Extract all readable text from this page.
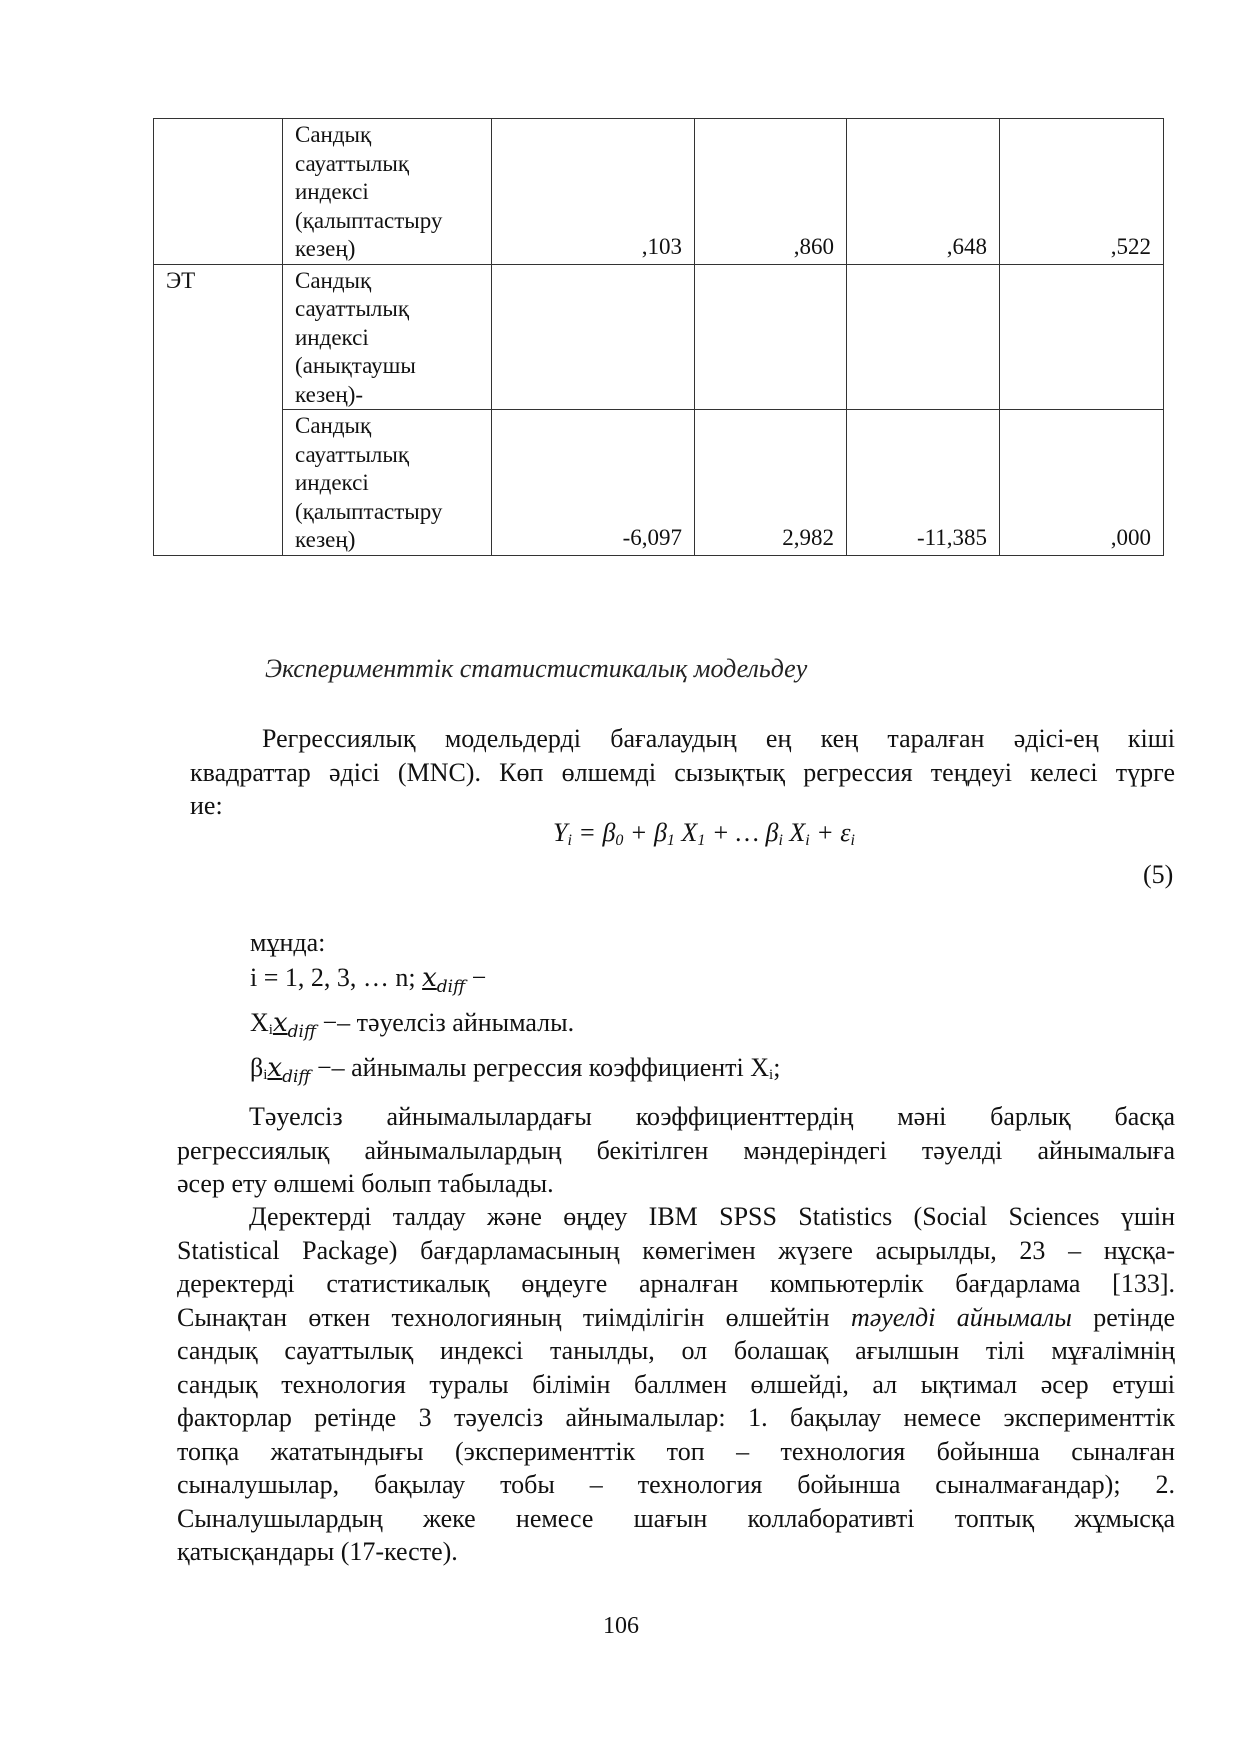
	Сандық
сауаттылық
индексі
(қалыптастыру
кезең)	,103	,860	,648	,522
ЭТ	Сандық
сауаттылық
индексі
(анықтаушы
кезең)-				

	Сандық
сауаттылық
индексі
(қалыптастыру
кезең)	-6,097	2,982	-11,385	,000
Эксперименттік статистистикалық модельдеу
Регрессиялық модельдерді бағалаудың ең кең таралған әдісі-ең кіші
квадраттар әдісі (MNC). Көп өлшемді сызықтық регрессия теңдеуі келесі түрге
ие:
$Y_i = \beta_0 + \beta_1$ $X_1$ + … $\beta_i$ $X_i + \varepsilon_i$
(5)
мұнда:
i = 1, 2, 3, … n; $x_{diff}$ −
$X_ix_{diff}$ −– тәуелсіз айнымалы.
$\beta_ix_{diff}$ −– айнымалы регрессия коэффициенті $X_i$;
Тәуелсіз айнымалылардағы коэффициенттердің мәні барлық басқа
регрессиялық айнымалылардың бекітілген мәндеріндегі тәуелді айнымалыға
әсер ету өлшемі болып табылады.
Деректерді талдау және өңдеу IBM SPSS Statistics (Social Sciences үшін
Statistical Package) бағдарламасының көмегімен жүзеге асырылды, 23 – нұсқа-
деректерді статистикалық өңдеуге арналған компьютерлік бағдарлама [133].
Сынақтан өткен технологияның тиімділігін өлшейтін тәуелді айнымалы ретінде
сандық сауаттылық индексі танылды, ол болашақ ағылшын тілі мұғалімнің
сандық технология туралы білімін баллмен өлшейді, ал ықтимал әсер етуші
факторлар ретінде 3 тәуелсіз айнымалылар: 1. бақылау немесе эксперименттік
топқа жататындығы (эксперименттік топ – технология бойынша сыналған
сыналушылар, бақылау тобы – технология бойынша сыналмағандар); 2.
Сыналушылардың жеке немесе шағын коллаборативті топтық жұмысқа
қатысқандары (17-кесте).
106
